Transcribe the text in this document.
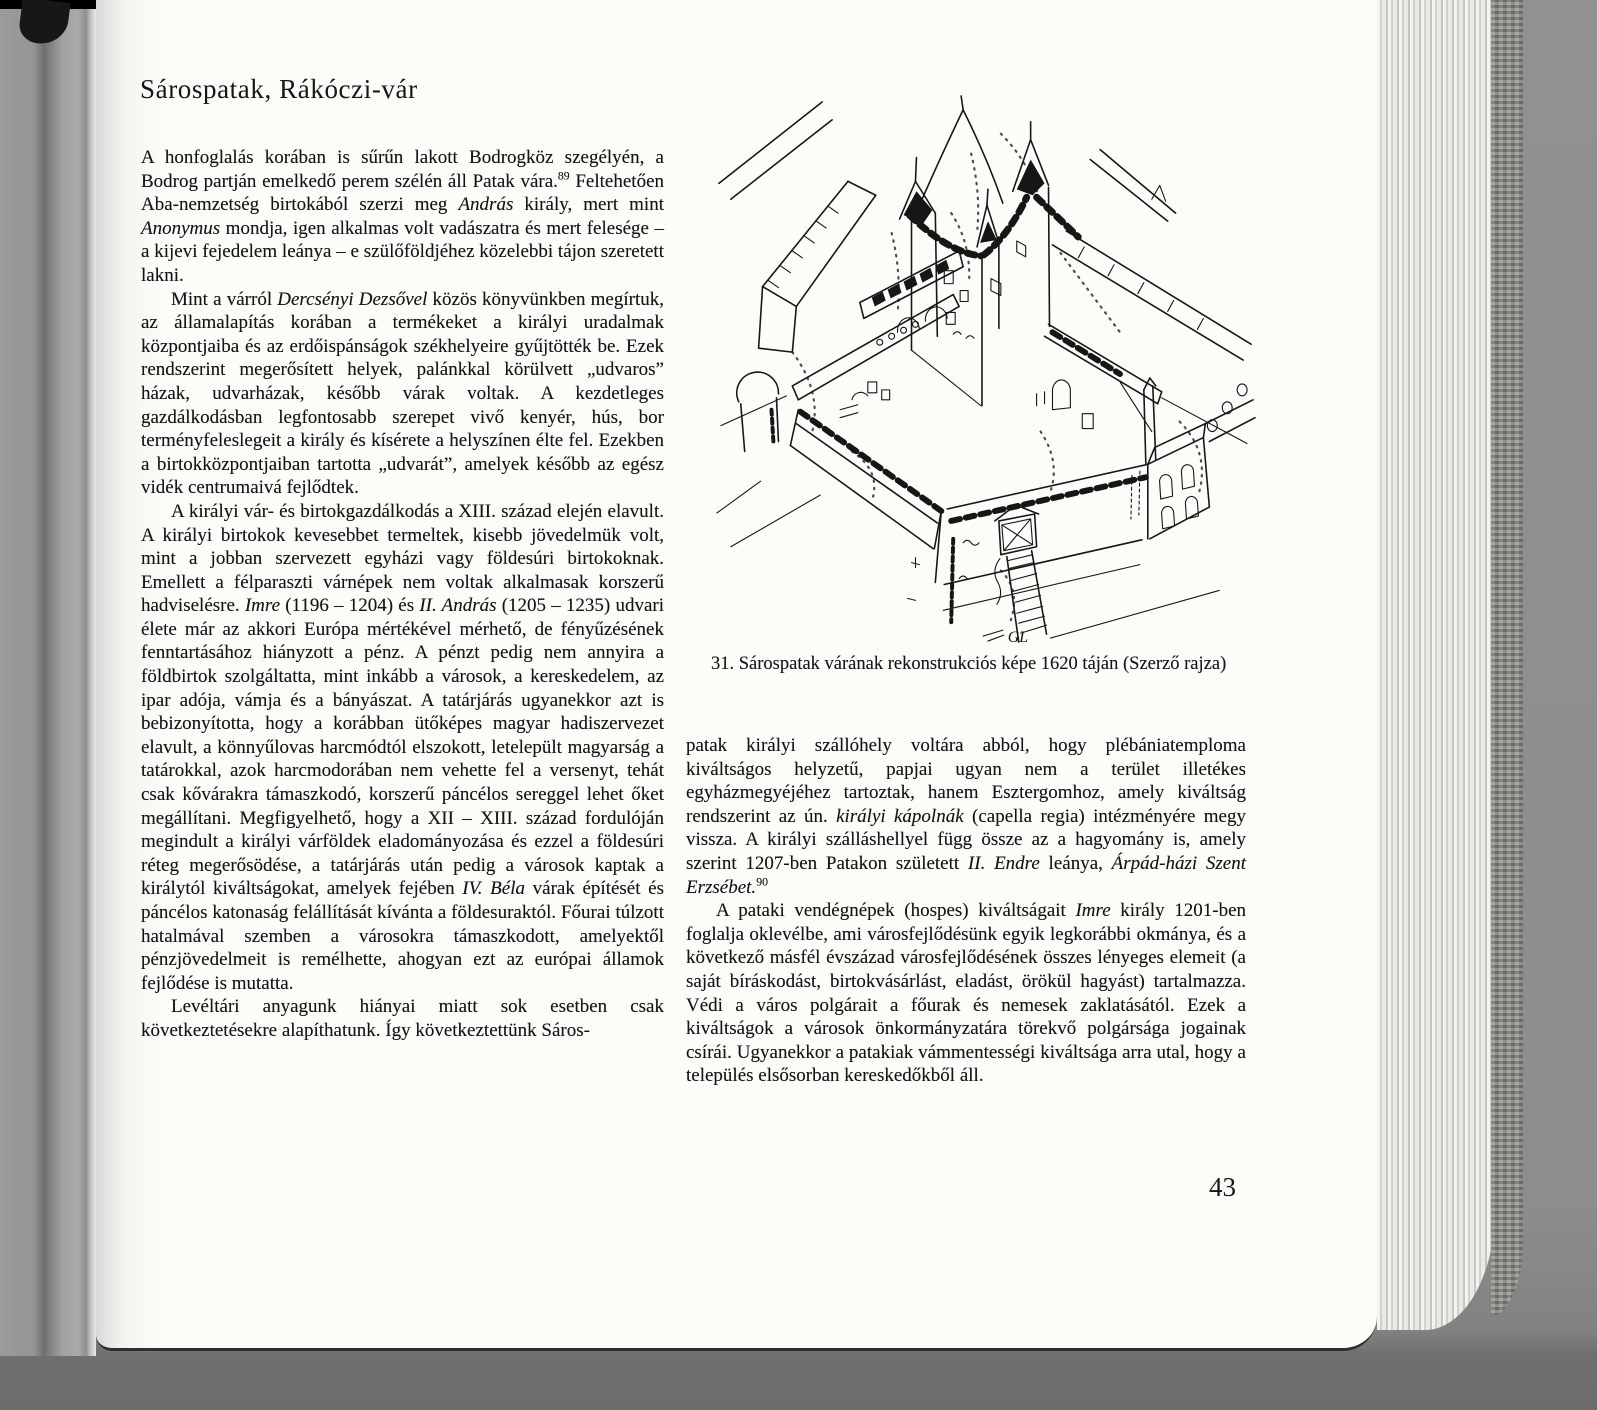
Sárospatak, Rákóczi-vár

A honfoglalás korában is sűrűn lakott Bodrogköz szegélyén, a Bodrog partján emelkedő perem szélén áll Patak vára.$^{89}$ Feltehetően Aba-nemzetség birtokából szerzi meg András király, mert mint Anonymus mondja, igen alkalmas volt vadászatra és mert felesége – a kijevi fejedelem leánya – e szülőföldjéhez közelebbi tájon szeretett lakni.

Mint a várról Dercsényi Dezsővel közös könyvünkben megírtuk, az államalapítás korában a termékeket a királyi uradalmak központjaiba és az erdőispánságok székhelyeire gyűjtötték be. Ezek rendszerint megerősített helyek, palánkkal körülvett „udvaros” házak, udvarházak, később várak voltak. A kezdetleges gazdálkodásban legfontosabb szerepet vivő kenyér, hús, bor terményfeleslegeit a király és kísérete a helyszínen élte fel. Ezekben a birtokközpontjaiban tartotta „udvarát”, amelyek később az egész vidék centrumaivá fejlődtek.

A királyi vár- és birtokgazdálkodás a XIII. század elején elavult. A királyi birtokok kevesebbet termeltek, kisebb jövedelmük volt, mint a jobban szervezett egyházi vagy földesúri birtokoknak. Emellett a félparaszti várnépek nem voltak alkalmasak korszerű hadviselésre. Imre (1196 – 1204) és II. András (1205 – 1235) udvari élete már az akkori Európa mértékével mérhető, de fényűzésének fenntartásához hiányzott a pénz. A pénzt pedig nem annyira a földbirtok szolgáltatta, mint inkább a városok, a kereskedelem, az ipar adója, vámja és a bányászat. A tatárjárás ugyanekkor azt is bebizonyította, hogy a korábban ütőképes magyar hadiszervezet elavult, a könnyűlovas harcmódtól elszokott, letelepült magyarság a tatárokkal, azok harcmodorában nem vehette fel a versenyt, tehát csak kővárakra támaszkodó, korszerű páncélos sereggel lehet őket megállítani. Megfigyelhető, hogy a XII – XIII. század fordulóján megindult a királyi várföldek eladományozása és ezzel a földesúri réteg megerősödése, a tatárjárás után pedig a városok kaptak a királytól kiváltságokat, amelyek fejében IV. Béla várak építését és páncélos katonaság felállítását kívánta a földesuraktól. Főurai túlzott hatalmával szemben a városokra támaszkodott, amelyektől pénzjövedelmeit is remélhette, ahogyan ezt az európai államok fejlődése is mutatta.

Levéltári anyagunk hiányai miatt sok esetben csak következtetésekre alapíthatunk. Így következtettünk Sáros-

GL
31. Sárospatak várának rekonstrukciós képe 1620 táján (Szerző rajza)

patak királyi szállóhely voltára abból, hogy plébániatemploma kiváltságos helyzetű, papjai ugyan nem a terület illetékes egyházmegyéjéhez tartoztak, hanem Esztergomhoz, amely kiváltság rendszerint az ún. királyi kápolnák (capella regia) intézményére megy vissza. A királyi szálláshellyel függ össze az a hagyomány is, amely szerint 1207-ben Patakon született II. Endre leánya, Árpád-házi Szent Erzsébet.$^{90}$

A pataki vendégnépek (hospes) kiváltságait Imre király 1201-ben foglalja oklevélbe, ami városfejlődésünk egyik legkorábbi okmánya, és a következő másfél évszázad városfejlődésének összes lényeges elemeit (a saját bíráskodást, birtokvásárlást, eladást, örökül hagyást) tartalmazza. Védi a város polgárait a főurak és nemesek zaklatásától. Ezek a kiváltságok a városok önkormányzatára törekvő polgársága jogainak csírái. Ugyanekkor a patakiak vámmentességi kiváltsága arra utal, hogy a település elsősorban kereskedőkből áll.

43
